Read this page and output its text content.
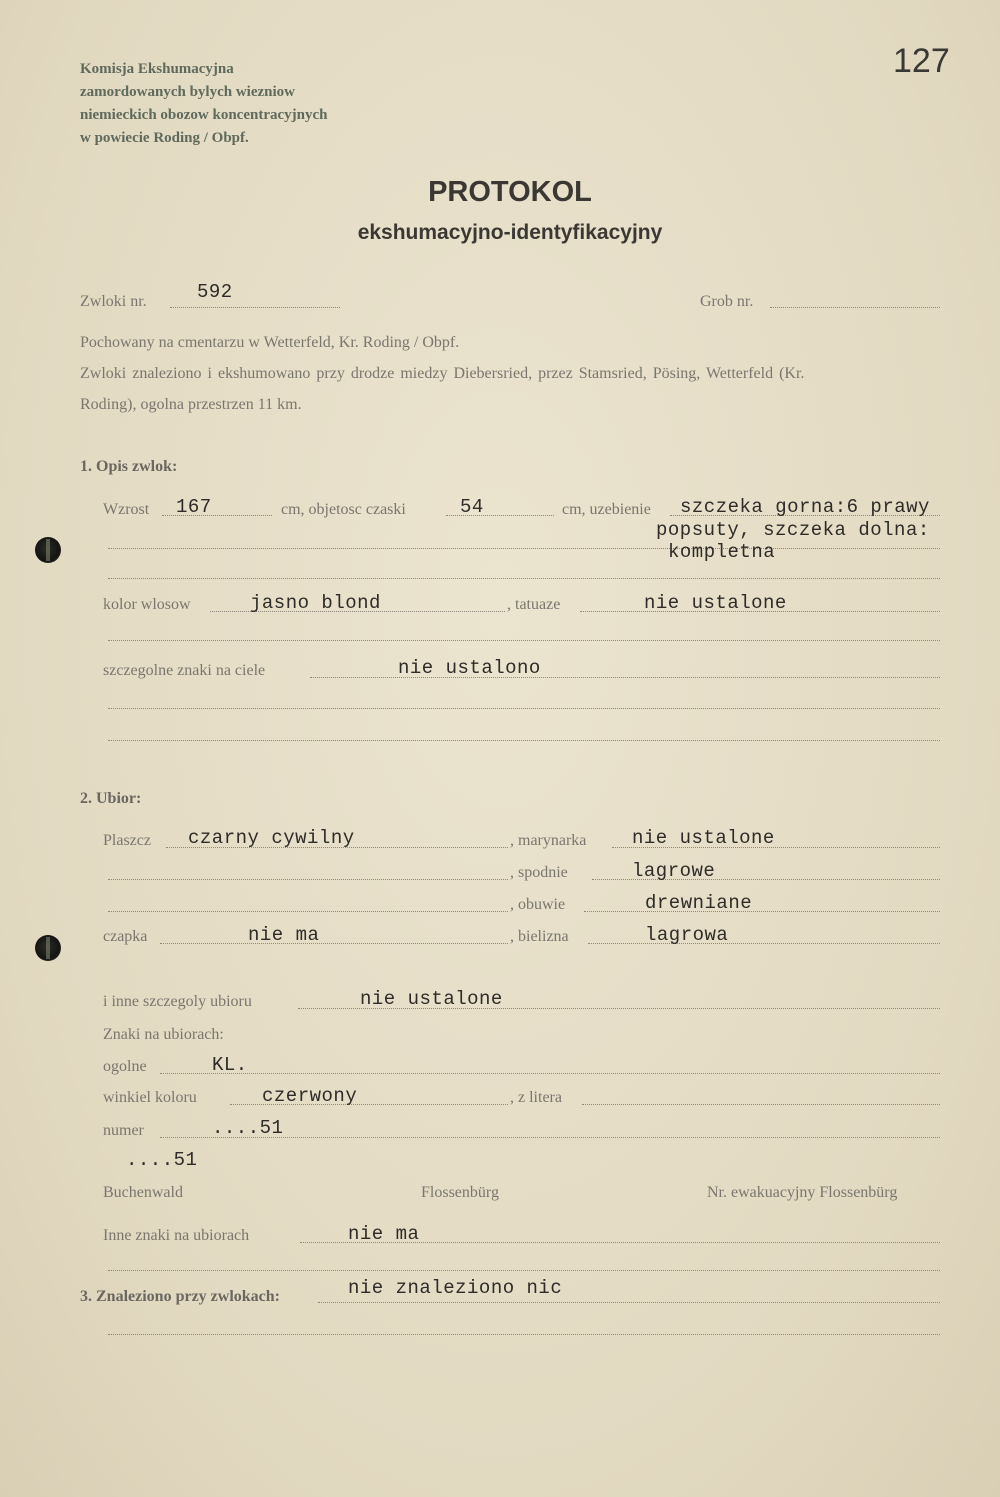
Komisja Ekshumacyjna
zamordowanych bylych wiezniow
niemieckich obozow koncentracyjnych
w powiecie Roding / Obpf.
127
PROTOKOL
ekshumacyjno-identyfikacyjny
Zwloki nr.	592	Grob nr.
Pochowany na cmentarzu w Wetterfeld, Kr. Roding / Obpf.
Zwloki znaleziono i ekshumowano przy drodze miedzy Diebersried, przez Stamsried, Pösing, Wetterfeld (Kr.
Roding), ogolna przestrzen 11 km.
1. Opis zwlok:
Wzrost 167	cm, objetosc czaski	54	cm, uzebienie szczeka gorna:6 prawy
popsuty, szczeka dolna:
kompletna
kolor wlosow	jasno blond	, tatuaze	nie ustalone
szczegolne znaki na ciele	nie ustalono
2. Ubior:
Plaszcz czarny cywilny	, marynarka nie ustalone
, spodnie	lagrowe
, obuwie	drewniane
czapka	nie ma	, bielizna	lagrowa
i inne szczegoly ubioru	nie ustalone
Znaki na ubiorach:
ogolne	KL.
winkiel koloru	czerwony	, z litera
numer	....51
....51
Buchenwald	Flossenbürg	Nr. ewakuacyjny Flossenbürg
Inne znaki na ubiorach	nie ma
3. Znaleziono przy zwlokach:	nie znaleziono nic
